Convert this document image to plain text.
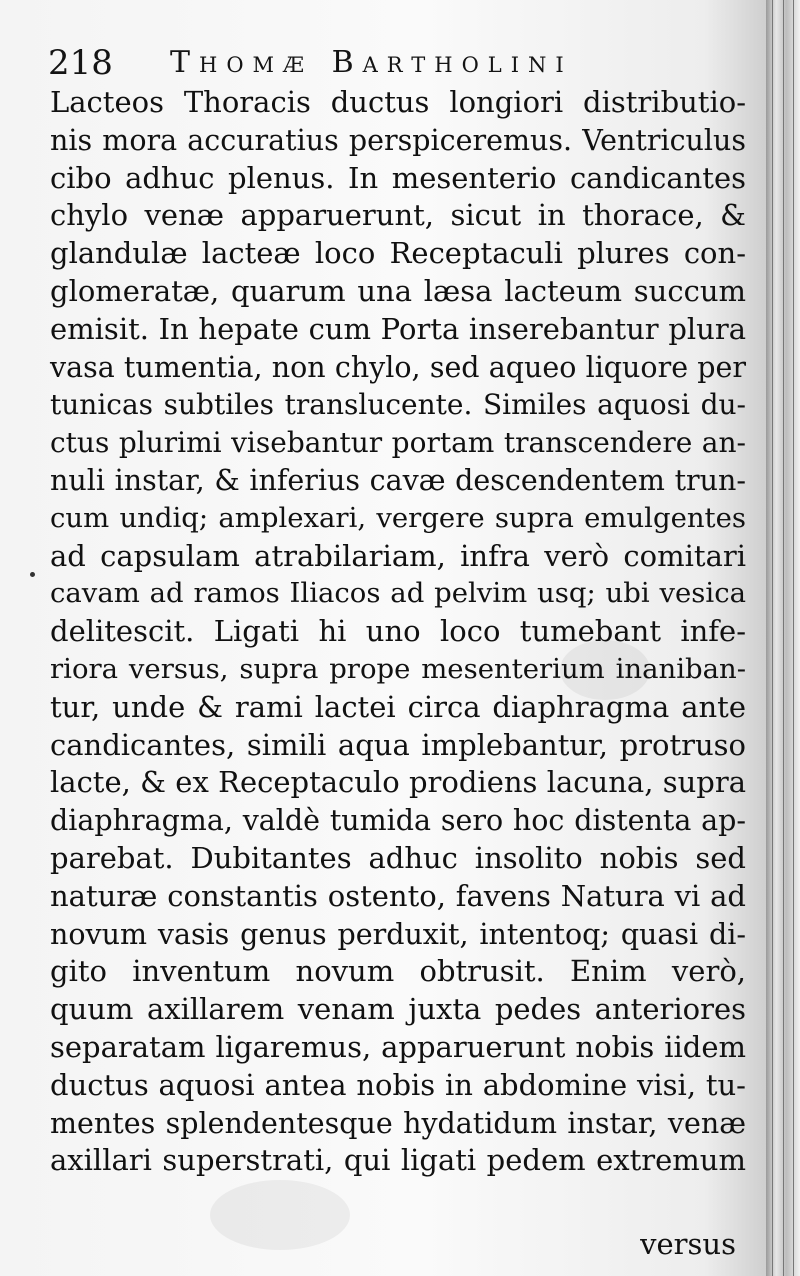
218 Thomæ Bartholini
Lacteos Thoracis ductus longiori distributio-
nis mora accuratius perspiceremus. Ventriculus
cibo adhuc plenus. In mesenterio candicantes
chylo venæ apparuerunt, sicut in thorace, &
glandulæ lacteæ loco Receptaculi plures con-
glomeratæ, quarum una læsa lacteum succum
emisit. In hepate cum Porta inserebantur plura
vasa tumentia, non chylo, sed aqueo liquore per
tunicas subtiles translucente. Similes aquosi du-
ctus plurimi visebantur portam transcendere an-
nuli instar, & inferius cavæ descendentem trun-
cum undiq; amplexari, vergere supra emulgentes
ad capsulam atrabilariam, infra verò comitari
cavam ad ramos Iliacos ad pelvim usq; ubi vesica
delitescit. Ligati hi uno loco tumebant infe-
riora versus, supra prope mesenterium inaniban-
tur, unde & rami lactei circa diaphragma ante
candicantes, simili aqua implebantur, protruso
lacte, & ex Receptaculo prodiens lacuna, supra
diaphragma, valdè tumida sero hoc distenta ap-
parebat. Dubitantes adhuc insolito nobis sed
naturæ constantis ostento, favens Natura vi ad
novum vasis genus perduxit, intentoq; quasi di-
gito inventum novum obtrusit. Enim verò,
quum axillarem venam juxta pedes anteriores
separatam ligaremus, apparuerunt nobis iidem
ductus aquosi antea nobis in abdomine visi, tu-
mentes splendentesque hydatidum instar, venæ
axillari superstrati, qui ligati pedem extremum
versus
